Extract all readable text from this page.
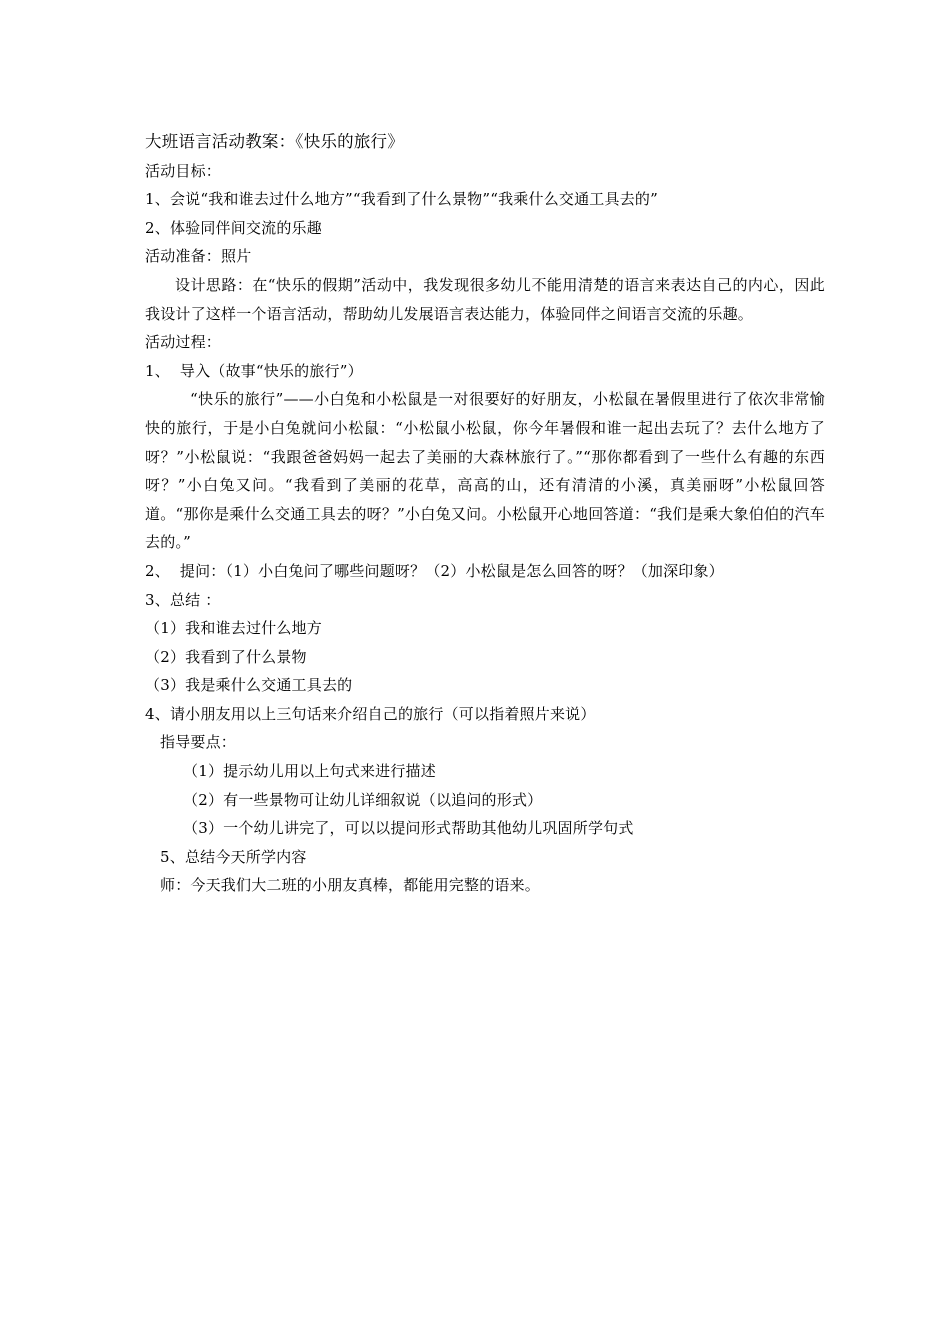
大班语言活动教案：《快乐的旅行》
活动目标：
1、会说“我和谁去过什么地方”“我看到了什么景物”“我乘什么交通工具去的”
2、体验同伴间交流的乐趣
活动准备：照片
设计思路：在“快乐的假期”活动中，我发现很多幼儿不能用清楚的语言来表达自己的内心，因此我设计了这样一个语言活动，帮助幼儿发展语言表达能力，体验同伴之间语言交流的乐趣。
活动过程：
1、  导入（故事“快乐的旅行”）
“快乐的旅行”——小白兔和小松鼠是一对很要好的好朋友，小松鼠在暑假里进行了依次非常愉快的旅行，于是小白兔就问小松鼠：“小松鼠小松鼠，你今年暑假和谁一起出去玩了？去什么地方了呀？”小松鼠说：“我跟爸爸妈妈一起去了美丽的大森林旅行了。”“那你都看到了一些什么有趣的东西呀？”小白兔又问。“我看到了美丽的花草，高高的山，还有清清的小溪，真美丽呀”小松鼠回答道。“那你是乘什么交通工具去的呀？”小白兔又问。小松鼠开心地回答道：“我们是乘大象伯伯的汽车去的。”
2、  提问：（1）小白兔问了哪些问题呀？（2）小松鼠是怎么回答的呀？（加深印象）
3、总结 ：
（1）我和谁去过什么地方
（2）我看到了什么景物
（3）我是乘什么交通工具去的
4、请小朋友用以上三句话来介绍自己的旅行（可以指着照片来说）
指导要点：
（1）提示幼儿用以上句式来进行描述
（2）有一些景物可让幼儿详细叙说（以追问的形式）
（3）一个幼儿讲完了，可以以提问形式帮助其他幼儿巩固所学句式
5、总结今天所学内容
师：今天我们大二班的小朋友真棒，都能用完整的语来。
